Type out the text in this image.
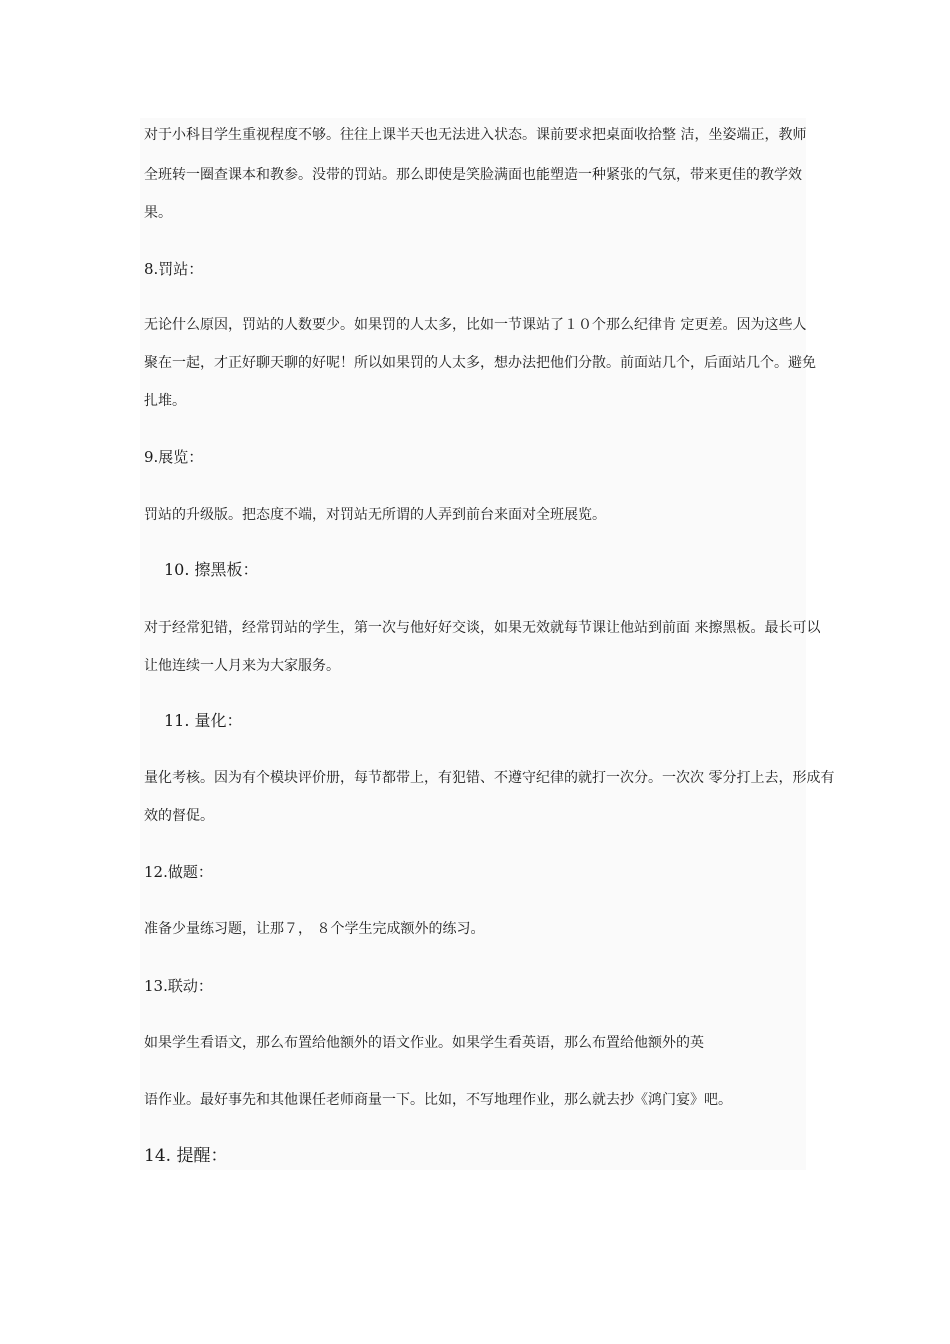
对于小科目学生重视程度不够。往往上课半天也无法进入状态。课前要求把桌面收拾整 洁，坐姿端正，教师
全班转一圈查课本和教参。没带的罚站。那么即使是笑脸满面也能塑造一种紧张的气氛，带来更佳的教学效
果。
8.罚站：
无论什么原因，罚站的人数要少。如果罚的人太多，比如一节课站了１０个那么纪律肯 定更差。因为这些人
聚在一起，才正好聊天聊的好呢！所以如果罚的人太多，想办法把他们分散。前面站几个，后面站几个。避免
扎堆。
9.展览：
罚站的升级版。把态度不端，对罚站无所谓的人弄到前台来面对全班展览。
10. 擦黑板：
对于经常犯错，经常罚站的学生，第一次与他好好交谈，如果无效就每节课让他站到前面 来擦黑板。最长可以
让他连续一人月来为大家服务。
11. 量化：
量化考核。因为有个模块评价册，每节都带上，有犯错、不遵守纪律的就打一次分。一次次 零分打上去，形成有
效的督促。
12.做题：
准备少量练习题，让那７， ８个学生完成额外的练习。
13.联动：
如果学生看语文，那么布置给他额外的语文作业。如果学生看英语，那么布置给他额外的英
语作业。最好事先和其他课任老师商量一下。比如，不写地理作业，那么就去抄《鸿门宴》吧。
14. 提醒：
